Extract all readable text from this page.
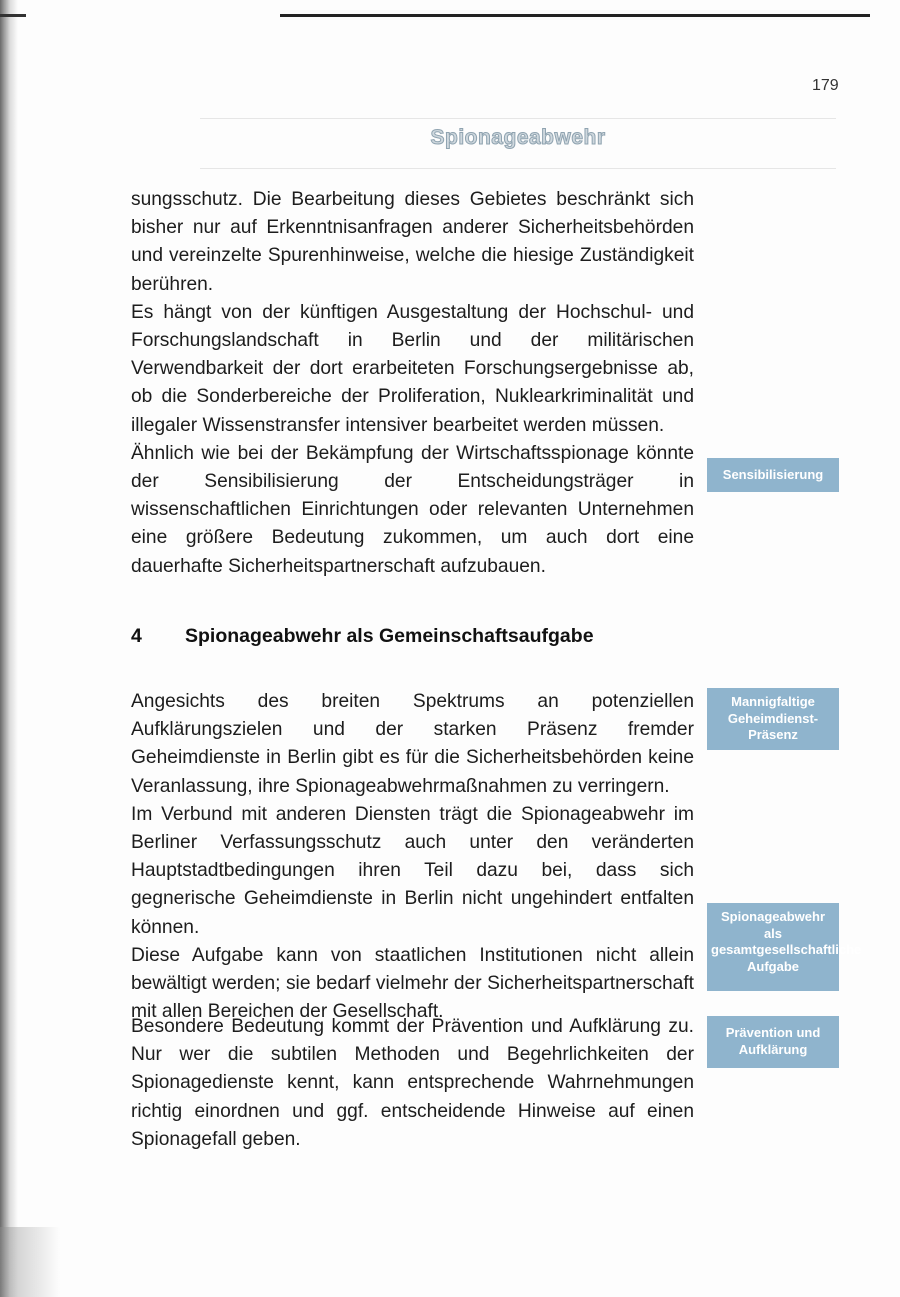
179
Spionageabwehr

sungsschutz. Die Bearbeitung dieses Gebietes beschränkt sich bisher nur auf Erkenntnisanfragen anderer Sicherheitsbehörden und vereinzelte Spurenhinweise, welche die hiesige Zuständigkeit berühren.

Es hängt von der künftigen Ausgestaltung der Hochschul- und Forschungslandschaft in Berlin und der militärischen Verwendbarkeit der dort erarbeiteten Forschungsergebnisse ab, ob die Sonderbereiche der Proliferation, Nuklearkriminalität und illegaler Wissenstransfer intensiver bearbeitet werden müssen.

Ähnlich wie bei der Bekämpfung der Wirtschaftsspionage könnte der Sensibilisierung der Entscheidungsträger in wissenschaftlichen Einrichtungen oder relevanten Unternehmen eine größere Bedeutung zukommen, um auch dort eine dauerhafte Sicherheitspartnerschaft aufzubauen.

Sensibilisierung
4 Spionageabwehr als Gemeinschaftsaufgabe

Angesichts des breiten Spektrums an potenziellen Aufklärungszielen und der starken Präsenz fremder Geheimdienste in Berlin gibt es für die Sicherheitsbehörden keine Veranlassung, ihre Spionageabwehrmaßnahmen zu verringern.

Im Verbund mit anderen Diensten trägt die Spionageabwehr im Berliner Verfassungsschutz auch unter den veränderten Hauptstadtbedingungen ihren Teil dazu bei, dass sich gegnerische Geheimdienste in Berlin nicht ungehindert entfalten können.

Diese Aufgabe kann von staatlichen Institutionen nicht allein bewältigt werden; sie bedarf vielmehr der Sicherheitspartnerschaft mit allen Bereichen der Gesellschaft.

Mannigfaltige Geheimdienst-Präsenz
Spionageabwehr als gesamtgesellschaftliche Aufgabe

Besondere Bedeutung kommt der Prävention und Aufklärung zu. Nur wer die subtilen Methoden und Begehrlichkeiten der Spionagedienste kennt, kann entsprechende Wahrnehmungen richtig einordnen und ggf. entscheidende Hinweise auf einen Spionagefall geben.

Prävention und Aufklärung
